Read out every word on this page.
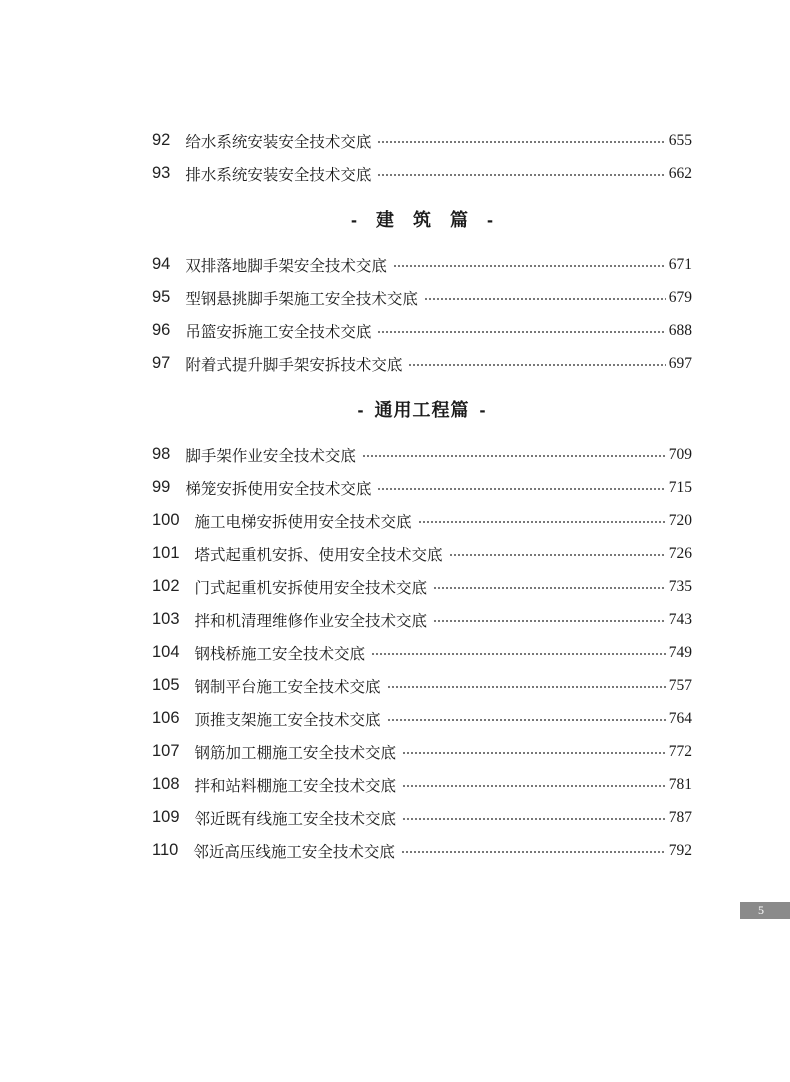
92 给水系统安装安全技术交底	655
93 排水系统安装安全技术交底	662
- 建 筑 篇 -
94 双排落地脚手架安全技术交底	671
95 型钢悬挑脚手架施工安全技术交底	679
96 吊篮安拆施工安全技术交底	688
97 附着式提升脚手架安拆技术交底	697
- 通用工程篇 -
98 脚手架作业安全技术交底	709
99 梯笼安拆使用安全技术交底	715
100 施工电梯安拆使用安全技术交底	720
101 塔式起重机安拆、使用安全技术交底	726
102 门式起重机安拆使用安全技术交底	735
103 拌和机清理维修作业安全技术交底	743
104 钢栈桥施工安全技术交底	749
105 钢制平台施工安全技术交底	757
106 顶推支架施工安全技术交底	764
107 钢筋加工棚施工安全技术交底	772
108 拌和站料棚施工安全技术交底	781
109 邻近既有线施工安全技术交底	787
110 邻近高压线施工安全技术交底	792
5
